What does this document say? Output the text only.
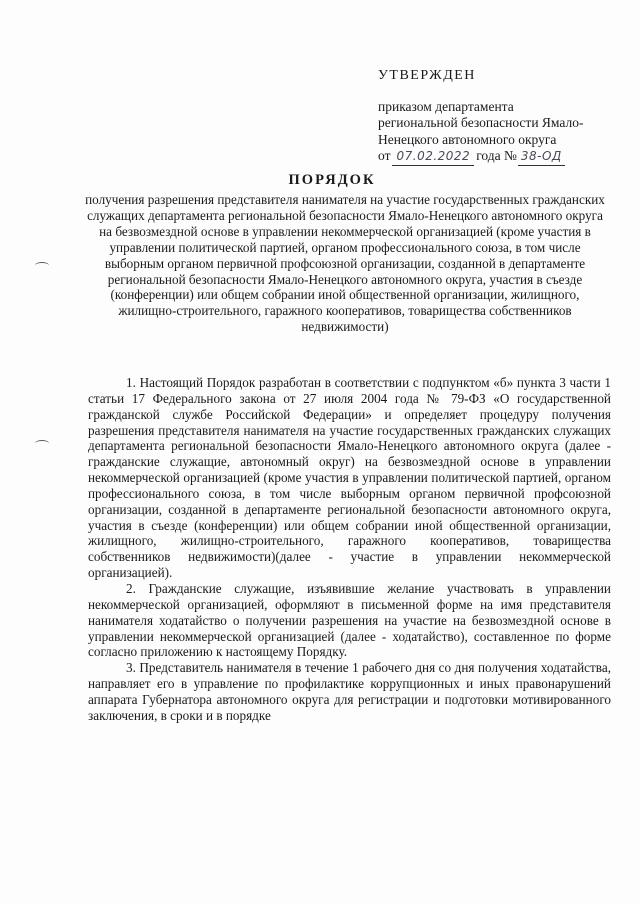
УТВЕРЖДЕН
приказом департамента
региональной безопасности Ямало-
Ненецкого автономного округа
от 07.02.2022 года № 38-ОД
ПОРЯДОК
получения разрешения представителя нанимателя на участие государственных гражданских служащих департамента региональной безопасности Ямало-Ненецкого автономного округа на безвозмездной основе в управлении некоммерческой организацией (кроме участия в управлении политической партией, органом профессионального союза, в том числе выборным органом первичной профсоюзной организации, созданной в департаменте региональной безопасности Ямало-Ненецкого автономного округа, участия в съезде (конференции) или общем собрании иной общественной организации, жилищного, жилищно-строительного, гаражного кооперативов, товарищества собственников недвижимости)

1. Настоящий Порядок разработан в соответствии с подпунктом «б» пункта 3 части 1 статьи 17 Федерального закона от 27 июля 2004 года № 79-ФЗ «О государственной гражданской службе Российской Федерации» и определяет процедуру получения разрешения представителя нанимателя на участие государственных гражданских служащих департамента региональной безопасности Ямало-Ненецкого автономного округа (далее - гражданские служащие, автономный округ) на безвозмездной основе в управлении некоммерческой организацией (кроме участия в управлении политической партией, органом профессионального союза, в том числе выборным органом первичной профсоюзной организации, созданной в департаменте региональной безопасности автономного округа, участия в съезде (конференции) или общем собрании иной общественной организации, жилищного, жилищно-строительного, гаражного кооперативов, товарищества собственников недвижимости)(далее - участие в управлении некоммерческой организацией).

2. Гражданские служащие, изъявившие желание участвовать в управлении некоммерческой организацией, оформляют в письменной форме на имя представителя нанимателя ходатайство о получении разрешения на участие на безвозмездной основе в управлении некоммерческой организацией (далее - ходатайство), составленное по форме согласно приложению к настоящему Порядку.

3. Представитель нанимателя в течение 1 рабочего дня со дня получения ходатайства, направляет его в управление по профилактике коррупционных и иных правонарушений аппарата Губернатора автономного округа для регистрации и подготовки мотивированного заключения, в сроки и в порядке
